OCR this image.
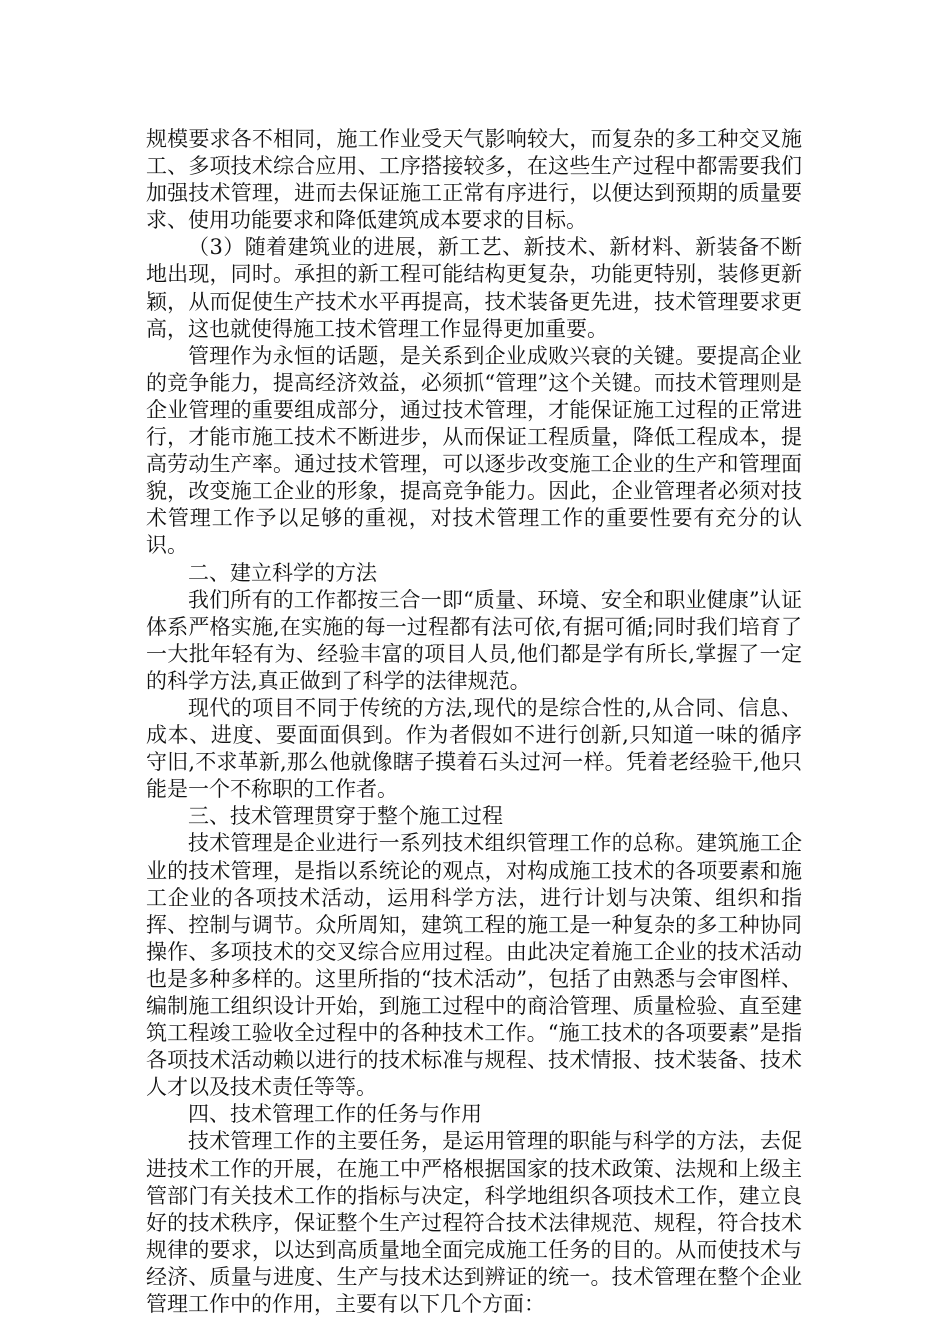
规模要求各不相同，施工作业受天气影响较大，而复杂的多工种交叉施工、多项技术综合应用、工序搭接较多，在这些生产过程中都需要我们加强技术管理，进而去保证施工正常有序进行，以便达到预期的质量要求、使用功能要求和降低建筑成本要求的目标。

（3）随着建筑业的进展，新工艺、新技术、新材料、新装备不断地出现，同时。承担的新工程可能结构更复杂，功能更特别，装修更新颖，从而促使生产技术水平再提高，技术装备更先进，技术管理要求更高，这也就使得施工技术管理工作显得更加重要。

管理作为永恒的话题，是关系到企业成败兴衰的关键。要提高企业的竞争能力，提高经济效益，必须抓“管理”这个关键。而技术管理则是企业管理的重要组成部分，通过技术管理，才能保证施工过程的正常进行，才能市施工技术不断进步，从而保证工程质量，降低工程成本，提高劳动生产率。通过技术管理，可以逐步改变施工企业的生产和管理面貌，改变施工企业的形象，提高竞争能力。因此，企业管理者必须对技术管理工作予以足够的重视，对技术管理工作的重要性要有充分的认识。

二、建立科学的方法

我们所有的工作都按三合一即“质量、环境、安全和职业健康”认证体系严格实施,在实施的每一过程都有法可依,有据可循;同时我们培育了一大批年轻有为、经验丰富的项目人员,他们都是学有所长,掌握了一定的科学方法,真正做到了科学的法律规范。

现代的项目不同于传统的方法,现代的是综合性的,从合同、信息、成本、进度、要面面俱到。作为者假如不进行创新,只知道一味的循序守旧,不求革新,那么他就像瞎子摸着石头过河一样。凭着老经验干,他只能是一个不称职的工作者。

三、技术管理贯穿于整个施工过程

技术管理是企业进行一系列技术组织管理工作的总称。建筑施工企业的技术管理，是指以系统论的观点，对构成施工技术的各项要素和施工企业的各项技术活动，运用科学方法，进行计划与决策、组织和指挥、控制与调节。众所周知，建筑工程的施工是一种复杂的多工种协同操作、多项技术的交叉综合应用过程。由此决定着施工企业的技术活动也是多种多样的。这里所指的“技术活动”，包括了由熟悉与会审图样、编制施工组织设计开始，到施工过程中的商洽管理、质量检验、直至建筑工程竣工验收全过程中的各种技术工作。“施工技术的各项要素”是指各项技术活动赖以进行的技术标准与规程、技术情报、技术装备、技术人才以及技术责任等等。

四、技术管理工作的任务与作用

技术管理工作的主要任务，是运用管理的职能与科学的方法，去促进技术工作的开展，在施工中严格根据国家的技术政策、法规和上级主管部门有关技术工作的指标与决定，科学地组织各项技术工作，建立良好的技术秩序，保证整个生产过程符合技术法律规范、规程，符合技术规律的要求，以达到高质量地全面完成施工任务的目的。从而使技术与经济、质量与进度、生产与技术达到辨证的统一。技术管理在整个企业管理工作中的作用，主要有以下几个方面：
